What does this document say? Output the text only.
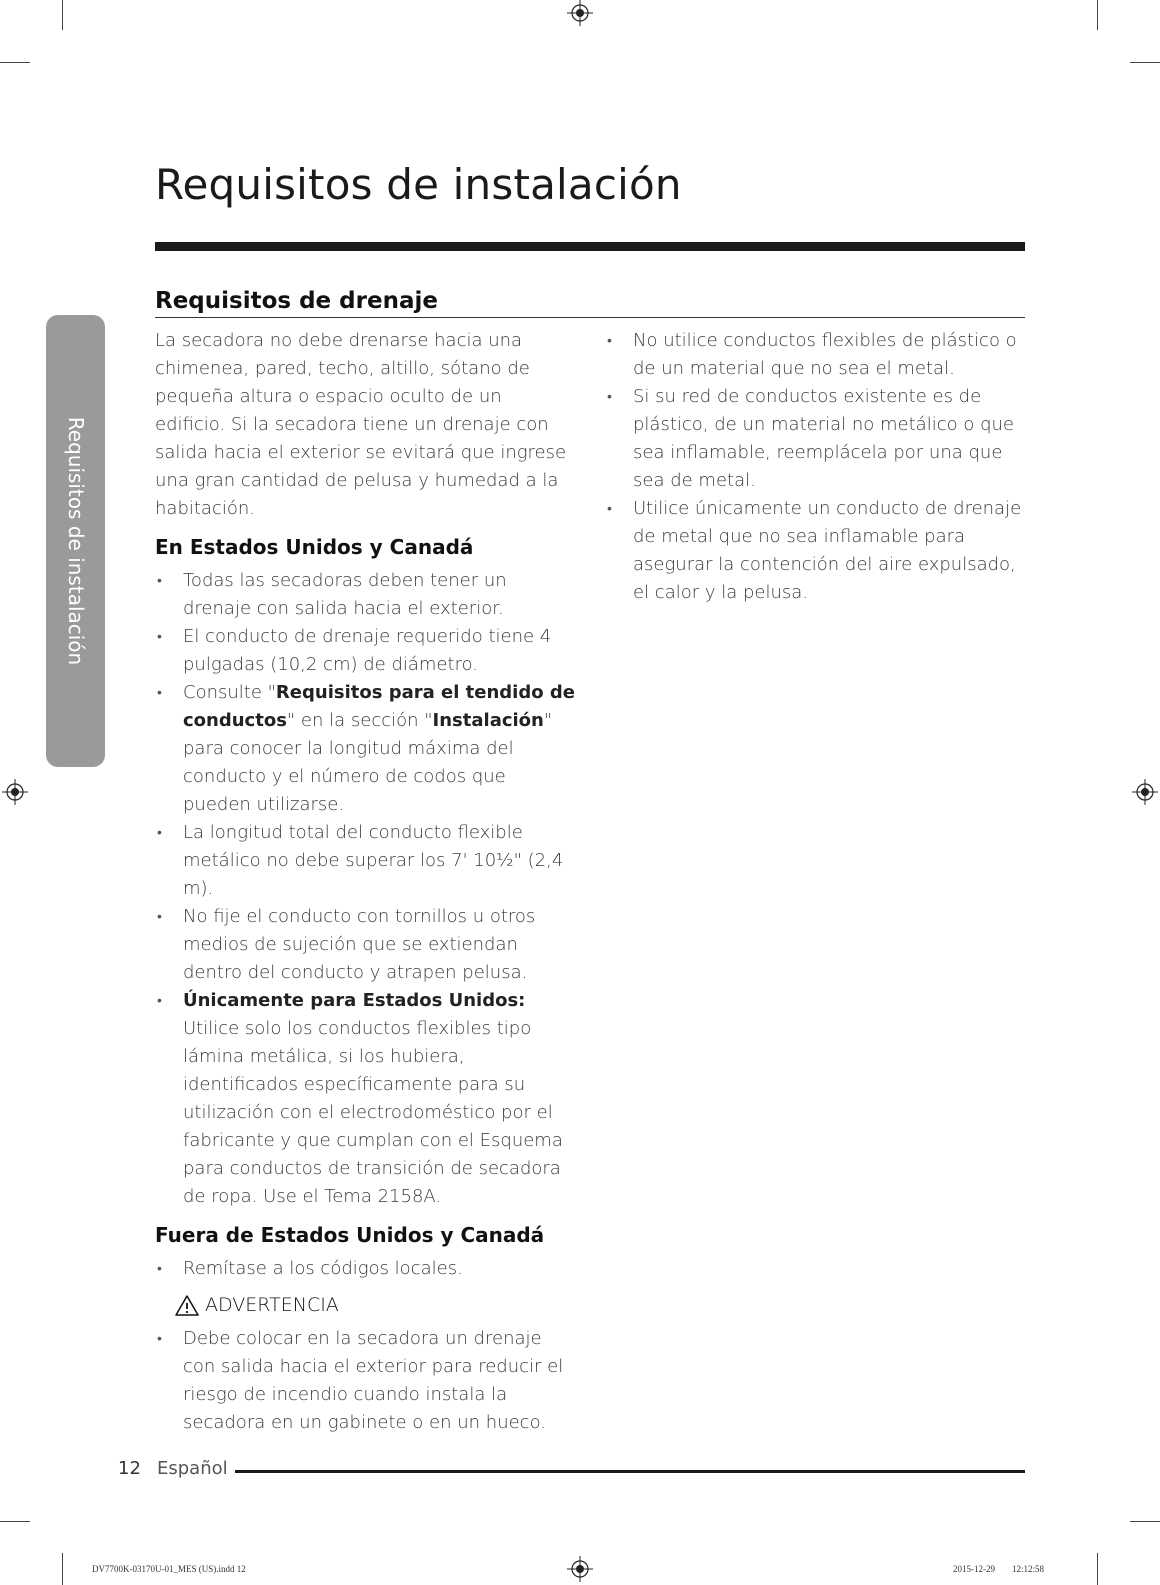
Requisitos de instalación
Requisitos de instalación
Requisitos de drenaje

La secadora no debe drenarse hacia una chimenea, pared, techo, altillo, sótano de pequeña altura o espacio oculto de un edificio. Si la secadora tiene un drenaje con salida hacia el exterior se evitará que ingrese una gran cantidad de pelusa y humedad a la habitación.

En Estados Unidos y Canadá
• Todas las secadoras deben tener un drenaje con salida hacia el exterior.
• El conducto de drenaje requerido tiene 4 pulgadas (10,2 cm) de diámetro.
• Consulte "Requisitos para el tendido de conductos" en la sección "Instalación" para conocer la longitud máxima del conducto y el número de codos que pueden utilizarse.
• La longitud total del conducto flexible metálico no debe superar los 7' 10½" (2,4 m).
• No fije el conducto con tornillos u otros medios de sujeción que se extiendan dentro del conducto y atrapen pelusa.
• Únicamente para Estados Unidos: Utilice solo los conductos flexibles tipo lámina metálica, si los hubiera, identificados específicamente para su utilización con el electrodoméstico por el fabricante y que cumplan con el Esquema para conductos de transición de secadora de ropa. Use el Tema 2158A.
Fuera de Estados Unidos y Canadá
• Remítase a los códigos locales.
ADVERTENCIA
• Debe colocar en la secadora un drenaje con salida hacia el exterior para reducir el riesgo de incendio cuando instala la secadora en un gabinete o en un hueco.
• No utilice conductos flexibles de plástico o de un material que no sea el metal.
• Si su red de conductos existente es de plástico, de un material no metálico o que sea inflamable, reemplácela por una que sea de metal.
• Utilice únicamente un conducto de drenaje de metal que no sea inflamable para asegurar la contención del aire expulsado, el calor y la pelusa.
12 Español
DV7700K-03170U-01_MES (US).indd 12	2015-12-29 12:12:58
